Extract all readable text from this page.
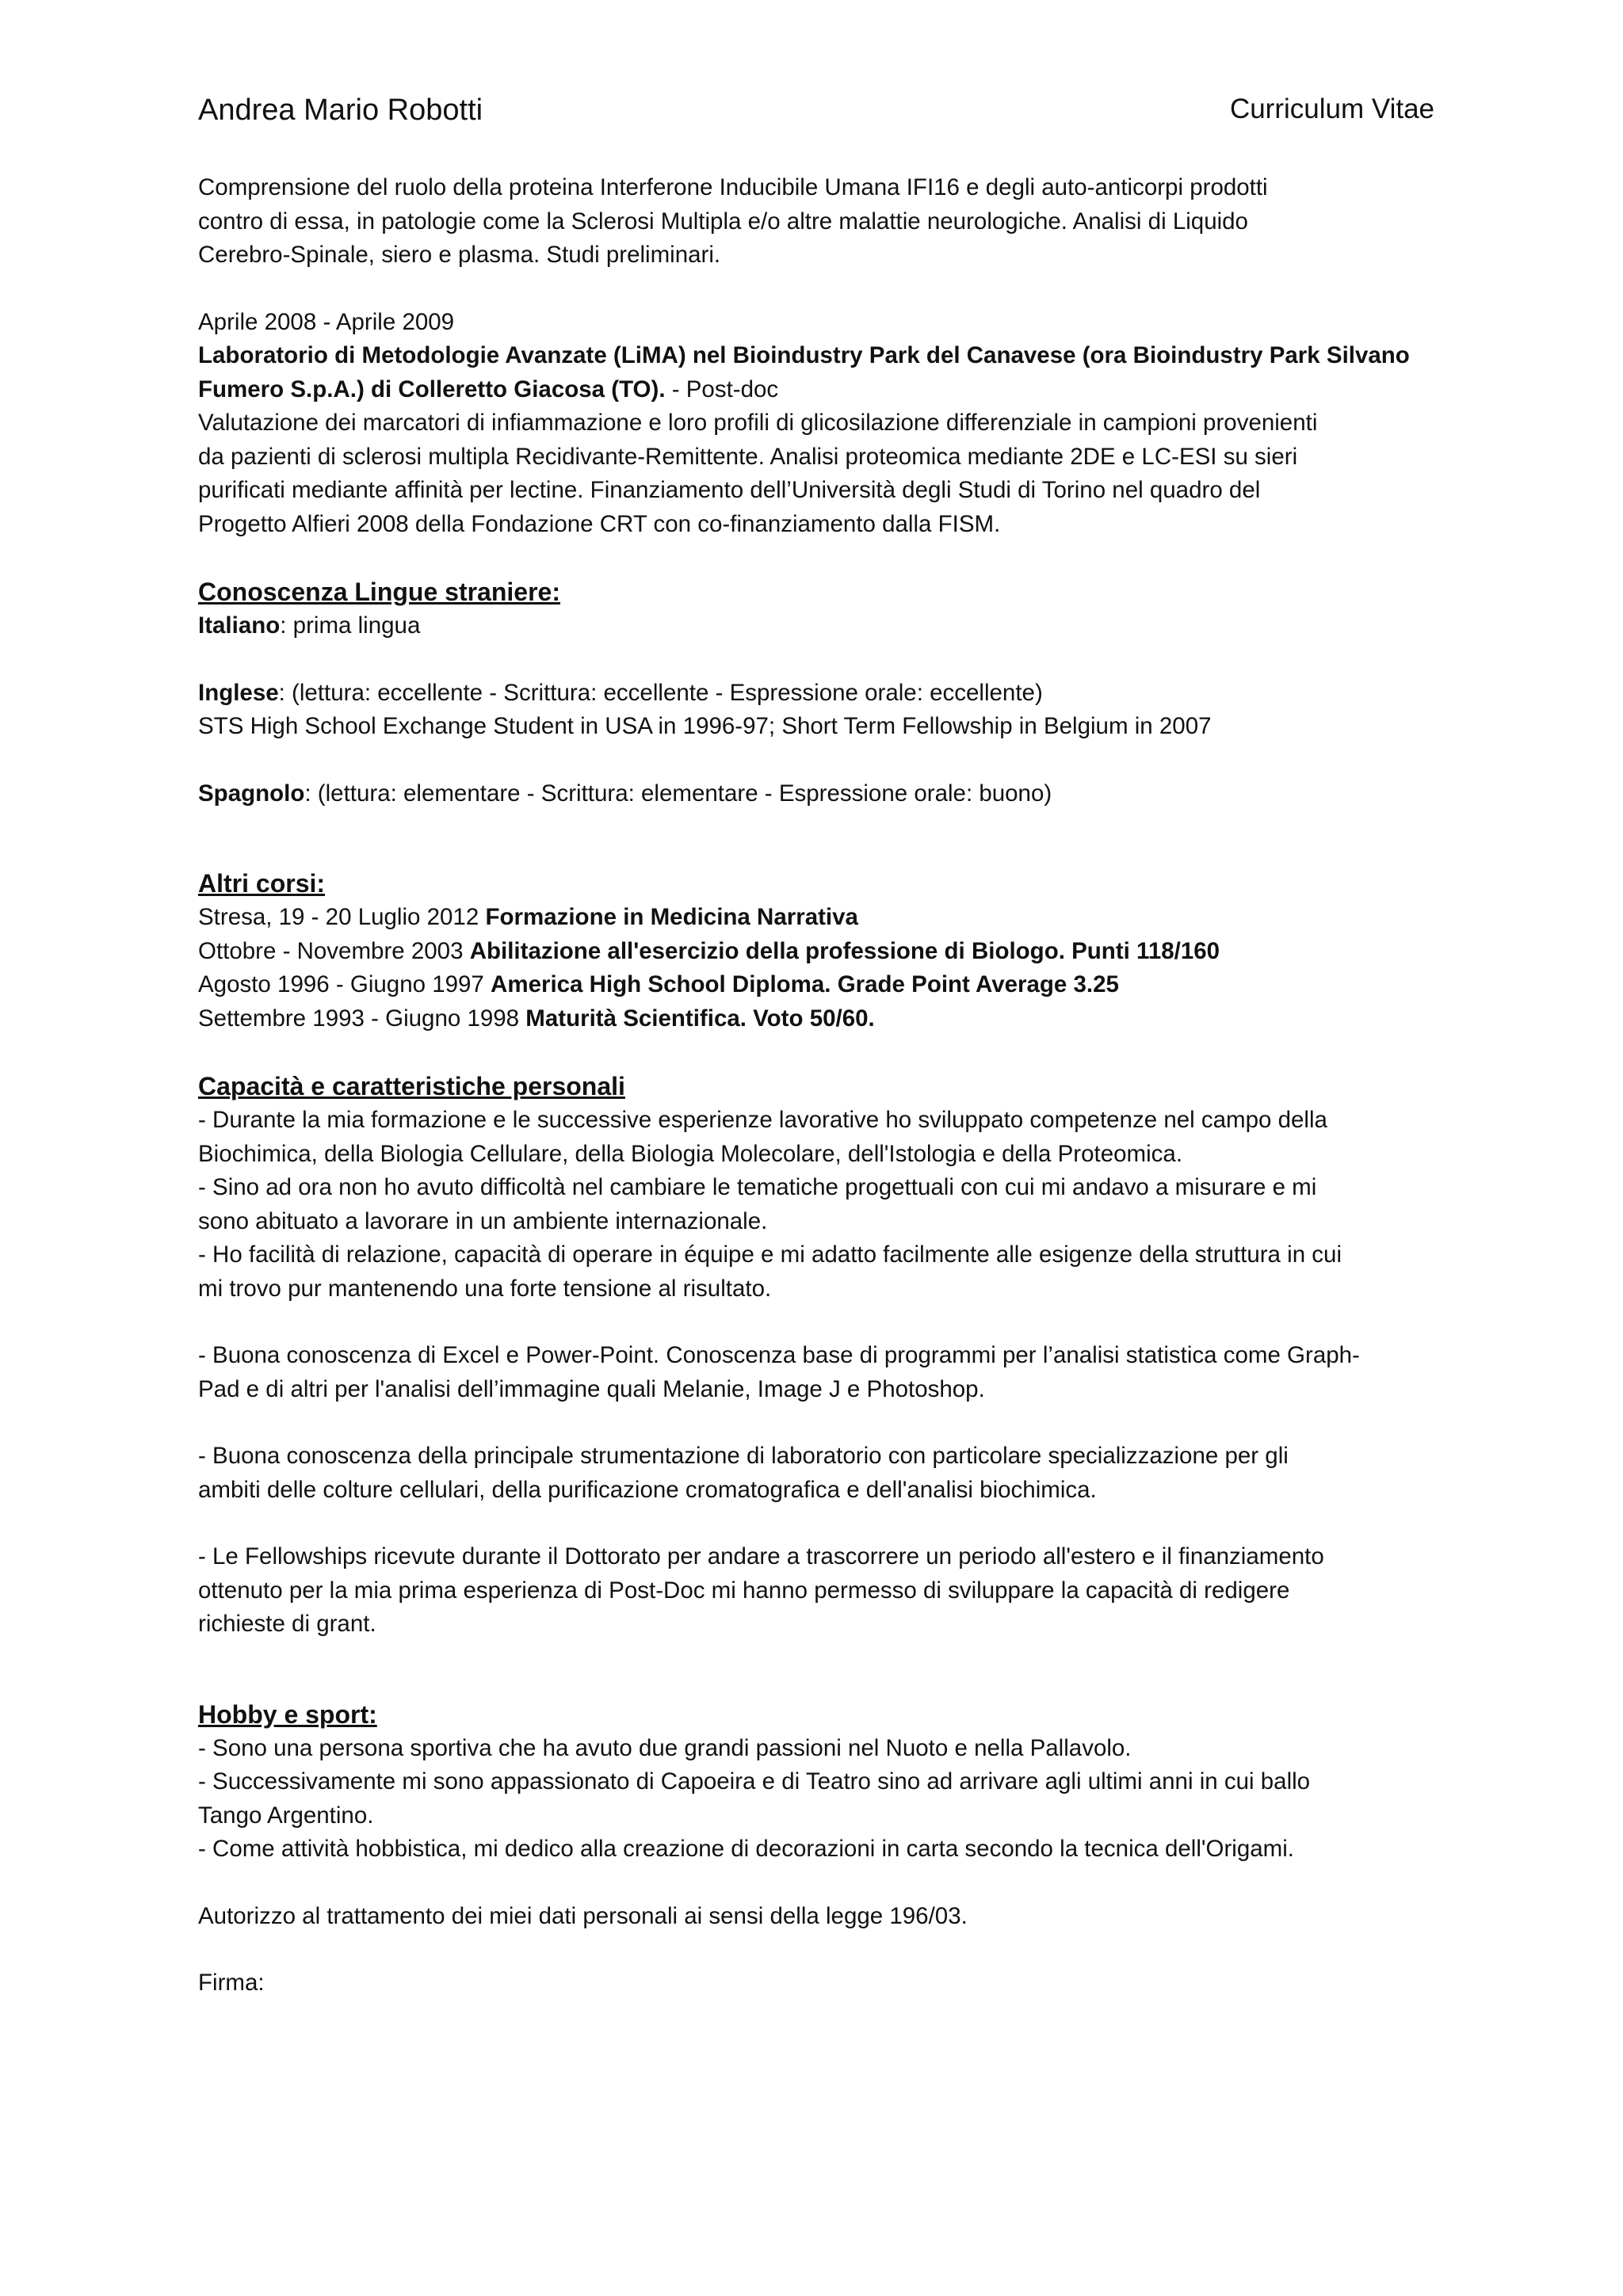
Andrea Mario Robotti	Curriculum Vitae

Comprensione del ruolo della proteina Interferone Inducibile Umana IFI16 e degli auto-anticorpi prodotti

contro di essa, in patologie come la Sclerosi Multipla e/o altre malattie neurologiche. Analisi di Liquido

Cerebro-Spinale, siero e plasma. Studi preliminari.

Aprile 2008 - Aprile 2009

Laboratorio di Metodologie Avanzate (LiMA) nel Bioindustry Park del Canavese (ora Bioindustry Park Silvano

Fumero S.p.A.) di Colleretto Giacosa (TO). - Post-doc

Valutazione dei marcatori di infiammazione e loro profili di glicosilazione differenziale in campioni provenienti

da pazienti di sclerosi multipla Recidivante-Remittente. Analisi proteomica mediante 2DE e LC-ESI su sieri

purificati mediante affinità per lectine. Finanziamento dell’Università degli Studi di Torino nel quadro del

Progetto Alfieri 2008 della Fondazione CRT con co-finanziamento dalla FISM.

Conoscenza Lingue straniere:

Italiano: prima lingua

Inglese: (lettura: eccellente - Scrittura: eccellente - Espressione orale: eccellente)

STS High School Exchange Student in USA in 1996-97; Short Term Fellowship in Belgium in 2007

Spagnolo: (lettura: elementare - Scrittura: elementare - Espressione orale: buono)

Altri corsi:

Stresa, 19 - 20 Luglio 2012 Formazione in Medicina Narrativa

Ottobre - Novembre 2003 Abilitazione all'esercizio della professione di Biologo. Punti 118/160

Agosto 1996 - Giugno 1997 America High School Diploma. Grade Point Average 3.25

Settembre 1993 - Giugno 1998 Maturità Scientifica. Voto 50/60.

Capacità e caratteristiche personali

- Durante la mia formazione e le successive esperienze lavorative ho sviluppato competenze nel campo della

Biochimica, della Biologia Cellulare, della Biologia Molecolare, dell'Istologia e della Proteomica.

- Sino ad ora non ho avuto difficoltà nel cambiare le tematiche progettuali con cui mi andavo a misurare e mi

sono abituato a lavorare in un ambiente internazionale.

- Ho facilità di relazione, capacità di operare in équipe e mi adatto facilmente alle esigenze della struttura in cui

mi trovo pur mantenendo una forte tensione al risultato.

- Buona conoscenza di Excel e Power-Point. Conoscenza base di programmi per l’analisi statistica come Graph-

Pad e di altri per l'analisi dell’immagine quali Melanie, Image J e Photoshop.

- Buona conoscenza della principale strumentazione di laboratorio con particolare specializzazione per gli

ambiti delle colture cellulari, della purificazione cromatografica e dell'analisi biochimica.

- Le Fellowships ricevute durante il Dottorato per andare a trascorrere un periodo all'estero e il finanziamento

ottenuto per la mia prima esperienza di Post-Doc mi hanno permesso di sviluppare la capacità di redigere

richieste di grant.

Hobby e sport:

- Sono una persona sportiva che ha avuto due grandi passioni nel Nuoto e nella Pallavolo.

- Successivamente mi sono appassionato di Capoeira e di Teatro sino ad arrivare agli ultimi anni in cui ballo

Tango Argentino.

- Come attività hobbistica, mi dedico alla creazione di decorazioni in carta secondo la tecnica dell'Origami.

Autorizzo al trattamento dei miei dati personali ai sensi della legge 196/03.

Firma:
